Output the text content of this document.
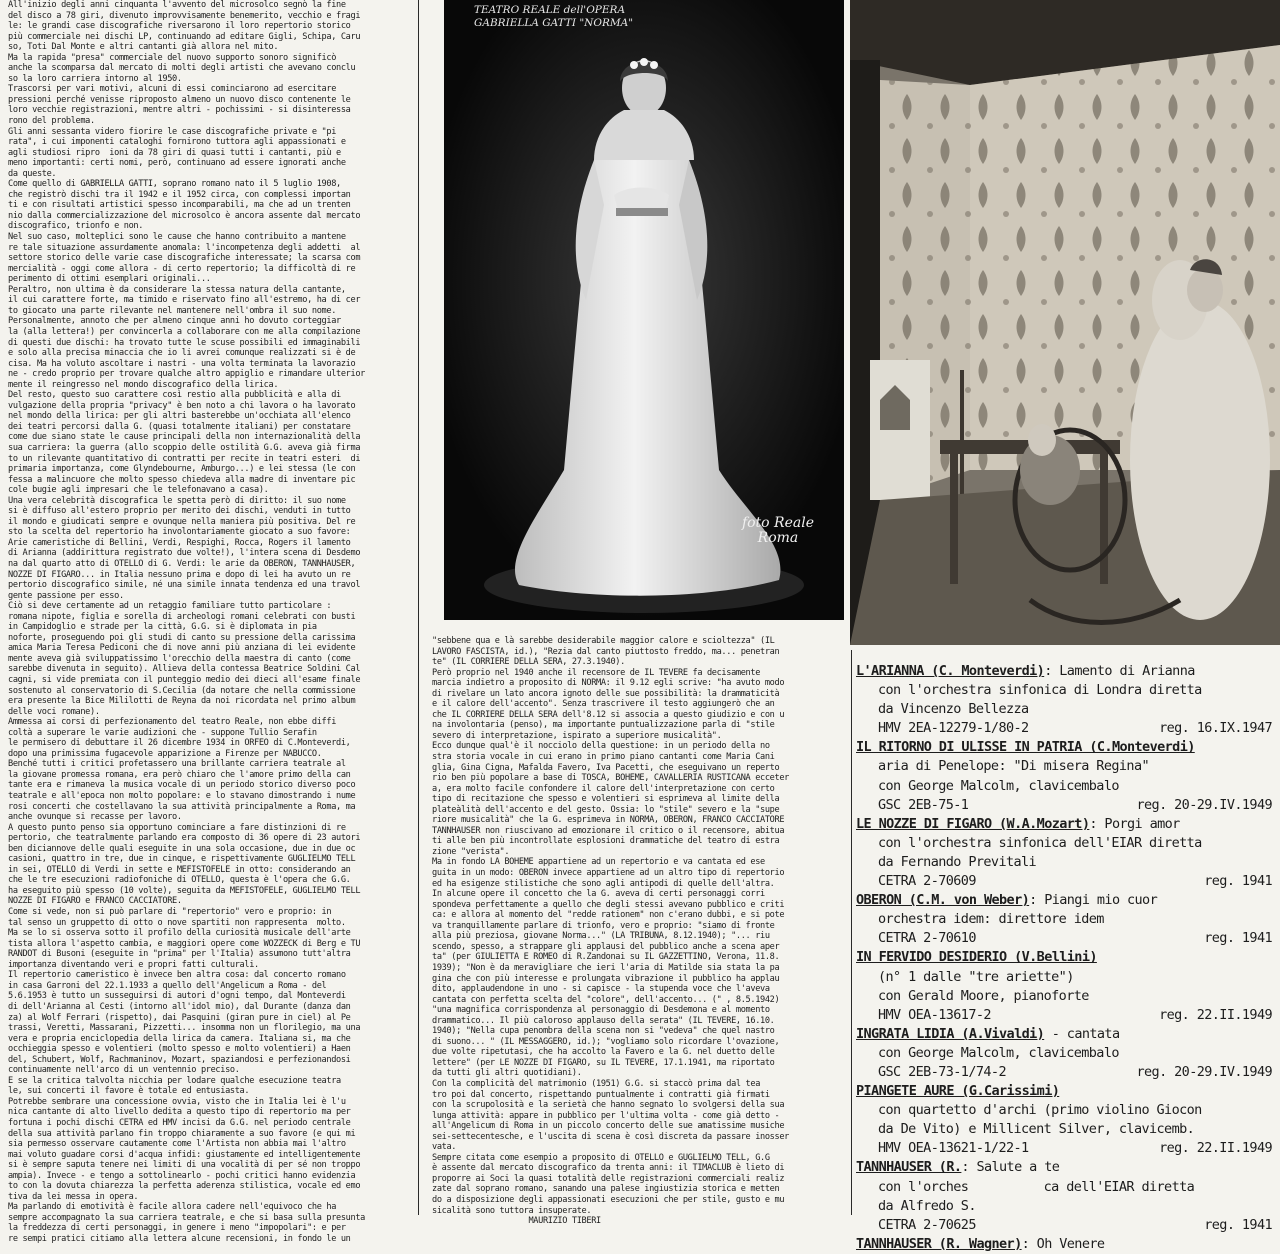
All'inizio degli anni cinquanta l'avvento del microsolco segnò la fine
del disco a 78 giri, divenuto improvvisamente benemerito, vecchio e fragi
le: le grandi case discografiche riversarono il loro repertorio storico
più commerciale nei dischi LP, continuando ad editare Gigli, Schipa, Caru
so, Toti Dal Monte e altri cantanti già allora nel mito.
Ma la rapida "presa" commerciale del nuovo supporto sonoro significò
anche la scomparsa dal mercato di molti degli artisti che avevano conclu
so la loro carriera intorno al 1950.
Trascorsi per vari motivi, alcuni di essi cominciarono ad esercitare
pressioni perché venisse riproposto almeno un nuovo disco contenente le
loro vecchie registrazioni, mentre altri - pochissimi - si disinteressa
rono del problema.
Gli anni sessanta videro fiorire le case discografiche private e "pi
rata", i cui imponenti cataloghi fornirono tuttora agli appassionati e
agli studiosi ripro  ioni da 78 giri di quasi tutti i cantanti, più e
meno importanti: certi nomi, però, continuano ad essere ignorati anche
da queste.
Come quello di GABRIELLA GATTI, soprano romano nato il 5 luglio 1908,
che registrò dischi tra il 1942 e il 1952 circa, con complessi importan
ti e con risultati artistici spesso incomparabili, ma che ad un trenten
nio dalla commercializzazione del microsolco è ancora assente dal mercato
discografico, trionfo e non.
Nel suo caso, molteplici sono le cause che hanno contribuito a mantene
re tale situazione assurdamente anomala: l'incompetenza degli addetti  al
settore storico delle varie case discografiche interessate; la scarsa com
mercialità - oggi come allora - di certo repertorio; la difficoltà di re
perimento di ottimi esemplari originali...
Peraltro, non ultima è da considerare la stessa natura della cantante,
il cui carattere forte, ma timido e riservato fino all'estremo, ha di cer
to giocato una parte rilevante nel mantenere nell'ombra il suo nome.
Personalmente, annoto che per almeno cinque anni ho dovuto corteggiar
la (alla lettera!) per convincerla a collaborare con me alla compilazione
di questi due dischi: ha trovato tutte le scuse possibili ed immaginabili
e solo alla precisa minaccia che io li avrei comunque realizzati si è de
cisa. Ma ha voluto ascoltare i nastri - una volta terminata la lavorazio
ne - credo proprio per trovare qualche altro appiglio e rimandare ulterior
mente il reingresso nel mondo discografico della lirica.
Del resto, questo suo carattere così restio alla pubblicità e alla di
vulgazione della propria "privacy" è ben noto a chi lavora o ha lavorato
nel mondo della lirica: per gli altri basterebbe un'occhiata all'elenco
dei teatri percorsi dalla G. (quasi totalmente italiani) per constatare
come due siano state le cause principali della non internazionalità della
sua carriera: la guerra (allo scoppio delle ostilità G.G. aveva già firma
to un rilevante quantitativo di contratti per recite in teatri esteri  di
primaria importanza, come Glyndebourne, Amburgo...) e lei stessa (le con
fessa a malincuore che molto spesso chiedeva alla madre di inventare pic
cole bugie agli impresari che le telefonavano a casa).
Una vera celebrità discografica le spetta però di diritto: il suo nome
si è diffuso all'estero proprio per merito dei dischi, venduti in tutto
il mondo e giudicati sempre e ovunque nella maniera più positiva. Del re
sto la scelta del repertorio ha involontariamente giocato a suo favore:
Arie cameristiche di Bellini, Verdi, Respighi, Rocca, Rogers il lamento
di Arianna (addirittura registrato due volte!), l'intera scena di Desdemo
na dal quarto atto di OTELLO di G. Verdi: le arie da OBERON, TANNHAUSER,
NOZZE DI FIGARO... in Italia nessuno prima e dopo di lei ha avuto un re
pertorio discografico simile, né una simile innata tendenza ed una travol
gente passione per esso.
Ciò si deve certamente ad un retaggio familiare tutto particolare :
romana nipote, figlia e sorella di archeologi romani celebrati con busti
in Campidoglio e strade per la città, G.G. si è diplomata in pia
noforte, proseguendo poi gli studi di canto su pressione della carissima
amica Maria Teresa Pediconi che di nove anni più anziana di lei evidente
mente aveva già sviluppatissimo l'orecchio della maestra di canto (come
sarebbe divenuta in seguito). Allieva della contessa Beatrice Soldini Cal
cagni, si vide premiata con il punteggio medio dei dieci all'esame finale
sostenuto al conservatorio di S.Cecilia (da notare che nella commissione
era presente la Bice Mililotti de Reyna da noi ricordata nel primo album
delle voci romane).
Ammessa ai corsi di perfezionamento del teatro Reale, non ebbe diffi
coltà a superare le varie audizioni che - suppone Tullio Serafin
le permisero di debuttare il 26 dicembre 1934 in ORFEO di C.Monteverdi,
dopo una primissima fugacevole apparizione a Firenze per NABUCCO.
Benché tutti i critici profetassero una brillante carriera teatrale al
la giovane promessa romana, era però chiaro che l'amore primo della can
tante era e rimaneva la musica vocale di un periodo storico diverso poco
teatrale e all'epoca non molto popolare: e lo stavano dimostrando i nume
rosi concerti che costellavano la sua attività principalmente a Roma, ma
anche ovunque si recasse per lavoro.
A questo punto penso sia opportuno cominciare a fare distinzioni di re
pertorio, che teatralmente parlando era composto di 36 opere di 23 autori
ben diciannove delle quali eseguite in una sola occasione, due in due oc
casioni, quattro in tre, due in cinque, e rispettivamente GUGLIELMO TELL
in sei, OTELLO di Verdi in sette e MEFISTOFELE in otto: considerando an
che le tre esecuzioni radiofoniche di OTELLO, questa è l'opera che G.G.
ha eseguito più spesso (10 volte), seguita da MEFISTOFELE, GUGLIELMO TELL
NOZZE DI FIGARO e FRANCO CACCIATORE.
Come si vede, non si può parlare di "repertorio" vero e proprio: in
tal senso un gruppetto di otto o nove spartiti non rappresenta  molto.
Ma se lo si osserva sotto il profilo della curiosità musicale dell'arte
tista allora l'aspetto cambia, e maggiori opere come WOZZECK di Berg e TU
RANDOT di Busoni (eseguite in "prima" per l'Italia) assumono tutt'altra
importanza diventando veri e propri fatti culturali.
Il repertorio cameristico è invece ben altra cosa: dal concerto romano
in casa Garroni del 22.1.1933 a quello dell'Angelicum a Roma - del
5.6.1953 è tutto un susseguirsi di autori d'ogni tempo, dal Monteverdi
di dell'Arianna al Cesti (intorno all'idol mio), dal Durante (danza dan
za) al Wolf Ferrari (rispetto), dai Pasquini (giran pure in ciel) al Pe
trassi, Veretti, Massarani, Pizzetti... insomma non un florilegio, ma una
vera e propria enciclopedia della lirica da camera. Italiana si, ma che
occhieggia spesso e volentieri (molto spesso e molto volentieri) a Haen
del, Schubert, Wolf, Rachmaninov, Mozart, spaziandosi e perfezionandosi
continuamente nell'arco di un ventennio preciso.
E se la critica talvolta nicchia per lodare qualche esecuzione teatra
le, sui concerti il favore è totale ed entusiasta.
Potrebbe sembrare una concessione ovvia, visto che in Italia lei è l'u
nica cantante di alto livello dedita a questo tipo di repertorio ma per
fortuna i pochi dischi CETRA ed HMV incisi da G.G. nel periodo centrale
della sua attività parlano fin troppo chiaramente a suo favore (e qui mi
sia permesso osservare cautamente come l'Artista non abbia mai l'altro
mai voluto guadare corsi d'acqua infidi: giustamente ed intelligentemente
si è sempre saputa tenere nei limiti di una vocalità di per sé non troppo
ampia). Invece - e tengo a sottolinearlo - pochi critici hanno evidenzia
to con la dovuta chiarezza la perfetta aderenza stilistica, vocale ed emo
tiva da lei messa in opera.
Ma parlando di emotività è facile allora cadere nell'equivoco che ha
sempre accompagnato la sua carriera teatrale, e che si basa sulla presunta
la freddezza di certi personaggi, in genere i meno "impopolari": e per
re sempi pratici citiamo alla lettera alcune recensioni, in fondo le un
TEATRO REALE dell'OPERA
GABRIELLA GATTI "NORMA"
foto Reale
Roma
"sebbene qua e là sarebbe desiderabile maggior calore e scioltezza" (IL
LAVORO FASCISTA, id.), "Rezia dal canto piuttosto freddo, ma... penetran
te" (IL CORRIERE DELLA SERA, 27.3.1940).
Però proprio nel 1940 anche il recensore de IL TEVERE fa decisamente
marcia indietro a proposito di NORMA: il 9.12 egli scrive: "ha avuto modo
di rivelare un lato ancora ignoto delle sue possibilità: la drammaticità
e il calore dell'accento". Senza trascrivere il testo aggiungerò che an
che IL CORRIERE DELLA SERA dell'8.12 si associa a questo giudizio e con u
na involontaria (penso), ma importante puntualizzazione parla di "stile
severo di interpretazione, ispirato a superiore musicalità".
Ecco dunque qual'è il nocciolo della questione: in un periodo della no
stra storia vocale in cui erano in primo piano cantanti come Maria Cani
glia, Gina Cigna, Mafalda Favero, Iva Pacetti, che eseguivano un reperto
rio ben più popolare a base di TOSCA, BOHEME, CAVALLERIA RUSTICANA ecceter
a, era molto facile confondere il calore dell'interpretazione con certo
tipo di recitazione che spesso e volentieri si esprimeva al limite della
plateàlità dell'accento e del gesto. Ossia: lo "stile" severo e la "supe
riore musicalità" che la G. esprimeva in NORMA, OBERON, FRANCO CACCIATORE
TANNHAUSER non riuscivano ad emozionare il critico o il recensore, abitua
ti alle ben più incontrollate esplosioni drammatiche del teatro di estra
zione "verista".
Ma in fondo LA BOHEME appartiene ad un repertorio e va cantata ed ese
guita in un modo: OBERON invece appartiene ad un altro tipo di repertorio
ed ha esigenze stilistiche che sono agli antipodi di quelle dell'altra.
In alcune opere il concetto che la G. aveva di certi personaggi corri
spondeva perfettamente a quello che degli stessi avevano pubblico e criti
ca: e allora al momento del "redde rationem" non c'erano dubbi, e si pote
va tranquillamente parlare di trionfo, vero e proprio: "siamo di fronte
alla più preziosa, giovane Norma..." (LA TRIBUNA, 8.12.1940); "... riu
scendo, spesso, a strappare gli applausi del pubblico anche a scena aper
ta" (per GIULIETTA E ROMEO di R.Zandonai su IL GAZZETTINO, Verona, 11.8.
1939); "Non è da meravigliare che ieri l'aria di Matilde sia stata la pa
gina che con più interesse e prolungata vibrazione il pubblico ha applau
dito, applaudendone in uno - si capisce - la stupenda voce che l'aveva
cantata con perfetta scelta del "colore", dell'accento... (" , 8.5.1942)
"una magnifica corrispondenza al personaggio di Desdemona e al momento
drammatico... Il più caloroso applauso della serata" (IL TEVERE, 16.10.
1940); "Nella cupa penombra della scena non si "vedeva" che quel nastro
di suono... " (IL MESSAGGERO, id.); "vogliamo solo ricordare l'ovazione,
due volte ripetutasi, che ha accolto la Favero e la G. nel duetto delle
lettere" (per LE NOZZE DI FIGARO, su IL TEVERE, 17.1.1941, ma riportato
da tutti gli altri quotidiani).
Con la complicità del matrimonio (1951) G.G. si staccò prima dal tea
tro poi dal concerto, rispettando puntualmente i contratti già firmati
con la scrupolosità e la serietà che hanno segnato lo svolgersi della sua
lunga attività: appare in pubblico per l'ultima volta - come già detto -
all'Angelicum di Roma in un piccolo concerto delle sue amatissime musiche
sei-settecentesche, e l'uscita di scena è così discreta da passare inosser
vata.
Sempre citata come esempio a proposito di OTELLO e GUGLIELMO TELL, G.G
è assente dal mercato discografico da trenta anni: il TIMACLUB è lieto di
proporre ai Soci la quasi totalità delle registrazioni commerciali realiz
zate dal soprano romano, sanando una palese ingiustizia storica e metten
do a disposizione degli appassionati esecuzioni che per stile, gusto e mu
sicalità sono tuttora insuperate.
MAURIZIO TIBERI
L'ARIANNA (C. Monteverdi): Lamento di Arianna
con l'orchestra sinfonica di Londra diretta
da Vincenzo Bellezza
HMV 2EA-12279-1/80-2	reg. 16.IX.1947
IL RITORNO DI ULISSE IN PATRIA (C.Monteverdi)
aria di Penelope: "Di misera Regina"
con George Malcolm, clavicembalo
GSC 2EB-75-1	reg. 20-29.IV.1949
LE NOZZE DI FIGARO (W.A.Mozart): Porgi amor
con l'orchestra sinfonica dell'EIAR diretta
da Fernando Previtali
CETRA 2-70609	reg. 1941
OBERON (C.M. von Weber): Piangi mio cuor
orchestra idem: direttore idem
CETRA 2-70610	reg. 1941
IN FERVIDO DESIDERIO (V.Bellini)
(n° 1 dalle "tre ariette")
con Gerald Moore, pianoforte
HMV OEA-13617-2	reg. 22.II.1949
INGRATA LIDIA (A.Vivaldi) - cantata
con George Malcolm, clavicembalo
GSC 2EB-73-1/74-2	reg. 20-29.IV.1949
PIANGETE AURE (G.Carissimi)
con quartetto d'archi (primo violino Giocon
da De Vito) e Millicent Silver, clavicemb.
HMV OEA-13621-1/22-1	reg. 22.II.1949
TANNHAUSER (R.: Salute a te
con l'orches          ca dell'EIAR diretta
da Alfredo S.
CETRA 2-70625	reg. 1941
TANNHAUSER (R. Wagner): Oh Venere
